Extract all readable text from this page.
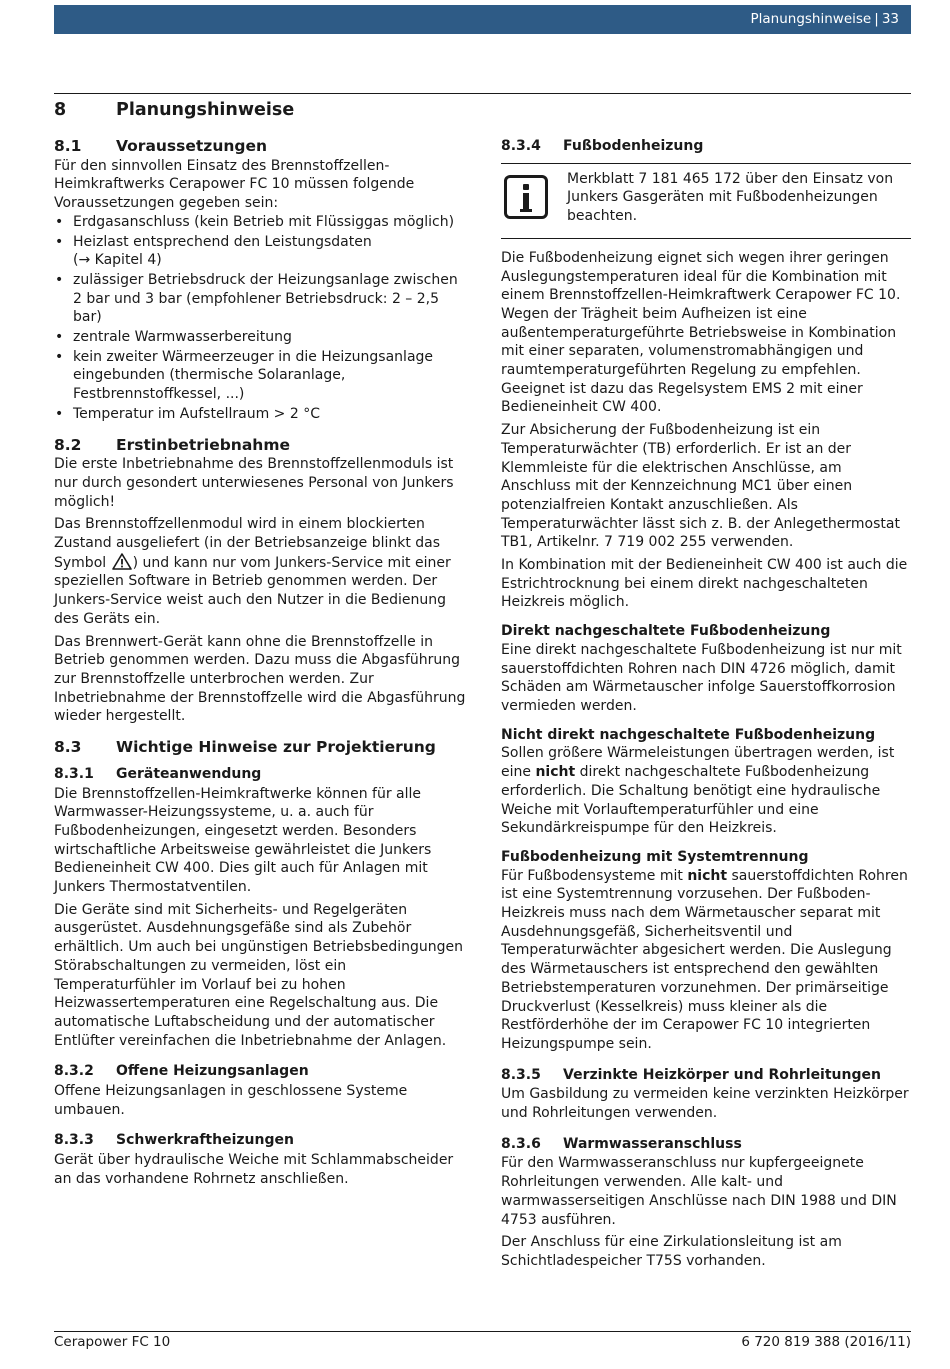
Planungshinweise | 33
8	Planungshinweise
8.1 Voraussetzungen

Für den sinnvollen Einsatz des Brennstoffzellen-Heimkraftwerks Cerapower FC 10 müssen folgende Voraussetzungen gegeben sein:

• Erdgasanschluss (kein Betrieb mit Flüssiggas möglich)
• Heizlast entsprechend den Leistungsdaten
(→ Kapitel 4)
• zulässiger Betriebsdruck der Heizungsanlage zwischen 2 bar und 3 bar (empfohlener Betriebsdruck: 2 – 2,5 bar)
• zentrale Warmwasserbereitung
• kein zweiter Wärmeerzeuger in die Heizungsanlage eingebunden (thermische Solaranlage, Festbrennstoffkessel, ...)
• Temperatur im Aufstellraum > 2 °C
8.2 Erstinbetriebnahme

Die erste Inbetriebnahme des Brennstoffzellenmoduls ist nur durch gesondert unterwiesenes Personal von Junkers möglich!

Das Brennstoffzellenmodul wird in einem blockierten Zustand ausgeliefert (in der Betriebsanzeige blinkt das Symbol ) und kann nur vom Junkers-Service mit einer speziellen Software in Betrieb genommen werden. Der Junkers-Service weist auch den Nutzer in die Bedienung des Geräts ein.

Das Brennwert-Gerät kann ohne die Brennstoffzelle in Betrieb genommen werden. Dazu muss die Abgasführung zur Brennstoffzelle unterbrochen werden. Zur Inbetriebnahme der Brennstoffzelle wird die Abgasführung wieder hergestellt.

8.3 Wichtige Hinweise zur Projektierung
8.3.1 Geräteanwendung

Die Brennstoffzellen-Heimkraftwerke können für alle Warmwasser-Heizungssysteme, u. a. auch für Fußbodenheizungen, eingesetzt werden. Besonders wirtschaftliche Arbeitsweise gewährleistet die Junkers Bedieneinheit CW 400. Dies gilt auch für Anlagen mit Junkers Thermostatventilen.

Die Geräte sind mit Sicherheits- und Regelgeräten ausgerüstet. Ausdehnungsgefäße sind als Zubehör erhältlich. Um auch bei ungünstigen Betriebsbedingungen Störabschaltungen zu vermeiden, löst ein Temperaturfühler im Vorlauf bei zu hohen Heizwassertemperaturen eine Regelschaltung aus. Die automatische Luftabscheidung und der automatischer Entlüfter vereinfachen die Inbetriebnahme der Anlagen.

8.3.2 Offene Heizungsanlagen

Offene Heizungsanlagen in geschlossene Systeme umbauen.

8.3.3 Schwerkraftheizungen

Gerät über hydraulische Weiche mit Schlammabscheider an das vorhandene Rohrnetz anschließen.

8.3.4 Fußbodenheizung

Merkblatt 7 181 465 172 über den Einsatz von Junkers Gasgeräten mit Fußbodenheizungen beachten.

Die Fußbodenheizung eignet sich wegen ihrer geringen Auslegungstemperaturen ideal für die Kombination mit einem Brennstoffzellen-Heimkraftwerk Cerapower FC 10. Wegen der Trägheit beim Aufheizen ist eine außentemperaturgeführte Betriebsweise in Kombination mit einer separaten, volumenstromabhängigen und raumtemperaturgeführten Regelung zu empfehlen. Geeignet ist dazu das Regelsystem EMS 2 mit einer Bedieneinheit CW 400.

Zur Absicherung der Fußbodenheizung ist ein Temperaturwächter (TB) erforderlich. Er ist an der Klemmleiste für die elektrischen Anschlüsse, am Anschluss mit der Kennzeichnung MC1 über einen potenzialfreien Kontakt anzuschließen. Als Temperaturwächter lässt sich z. B. der Anlegethermostat TB1, Artikelnr. 7 719 002 255 verwenden.

In Kombination mit der Bedieneinheit CW 400 ist auch die Estrichtrocknung bei einem direkt nachgeschalteten Heizkreis möglich.

Direkt nachgeschaltete Fußbodenheizung

Eine direkt nachgeschaltete Fußbodenheizung ist nur mit sauerstoffdichten Rohren nach DIN 4726 möglich, damit Schäden am Wärmetauscher infolge Sauerstoffkorrosion vermieden werden.

Nicht direkt nachgeschaltete Fußbodenheizung

Sollen größere Wärmeleistungen übertragen werden, ist eine nicht direkt nachgeschaltete Fußbodenheizung erforderlich. Die Schaltung benötigt eine hydraulische Weiche mit Vorlauftemperaturfühler und eine Sekundärkreispumpe für den Heizkreis.

Fußbodenheizung mit Systemtrennung

Für Fußbodensysteme mit nicht sauerstoffdichten Rohren ist eine Systemtrennung vorzusehen. Der Fußboden-Heizkreis muss nach dem Wärmetauscher separat mit Ausdehnungsgefäß, Sicherheitsventil und Temperaturwächter abgesichert werden. Die Auslegung des Wärmetauschers ist entsprechend den gewählten Betriebstemperaturen vorzunehmen. Der primärseitige Druckverlust (Kesselkreis) muss kleiner als die Restförderhöhe der im Cerapower FC 10 integrierten Heizungspumpe sein.

8.3.5 Verzinkte Heizkörper und Rohrleitungen

Um Gasbildung zu vermeiden keine verzinkten Heizkörper und Rohrleitungen verwenden.

8.3.6 Warmwasseranschluss

Für den Warmwasseranschluss nur kupfergeeignete Rohrleitungen verwenden. Alle kalt- und warmwasserseitigen Anschlüsse nach DIN 1988 und DIN 4753 ausführen.

Der Anschluss für eine Zirkulationsleitung ist am Schichtladespeicher T75S vorhanden.

Cerapower FC 10	6 720 819 388 (2016/11)
